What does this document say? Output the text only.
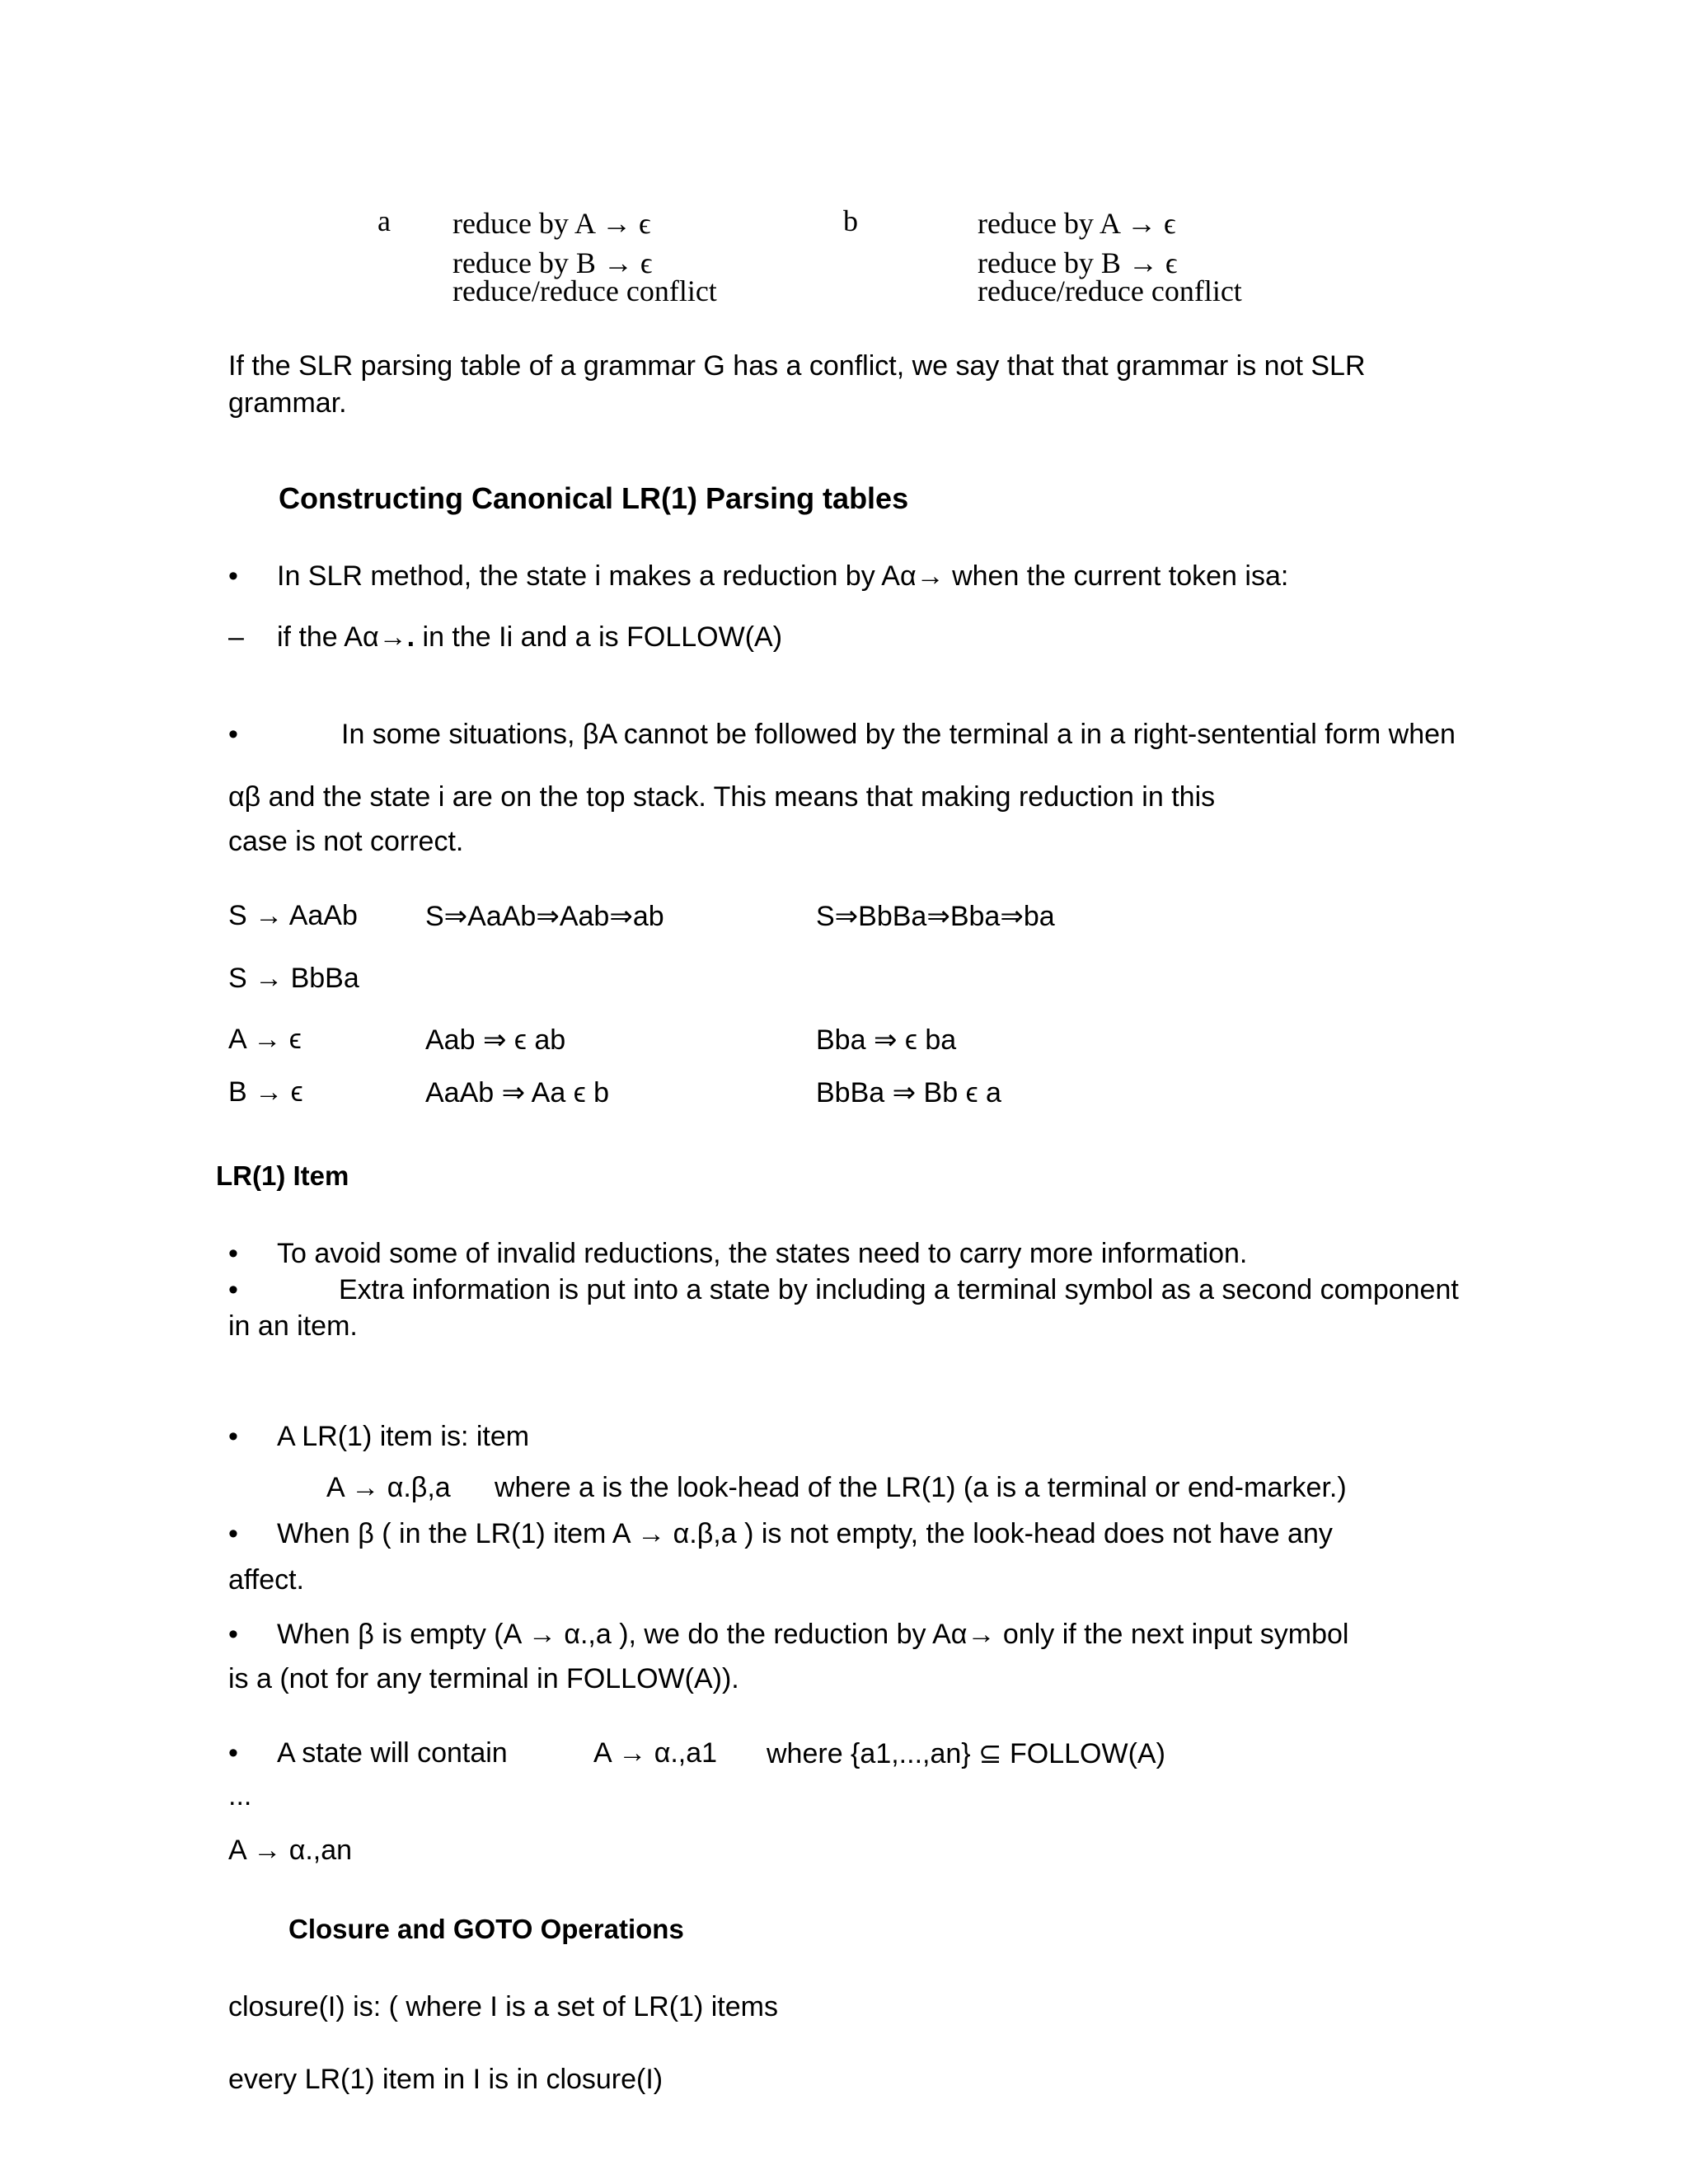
a reduce by A → ϵ
reduce by B → ϵ
reduce/reduce conflict
b	reduce by A → ϵ
reduce by B → ϵ
reduce/reduce conflict
If the SLR parsing table of a grammar G has a conflict, we say that that grammar is not SLR
grammar.
Constructing Canonical LR(1) Parsing tables
• In SLR method, the state i makes a reduction by Aα→ when the current token isa:
– if the Aα→. in the Ii and a is FOLLOW(A)
•	In some situations, βA cannot be followed by the terminal a in a right-sentential form when
αβ and the state i are on the top stack. This means that making reduction in this
case is not correct.
S → AaAb S⇒AaAb⇒Aab⇒ab	S⇒BbBa⇒Bba⇒ba
S → BbBa
A → ϵ	Aab ⇒ ϵ ab	Bba ⇒ ϵ ba
B → ϵ	AaAb ⇒ Aa ϵ b	BbBa ⇒ Bb ϵ a
LR(1) Item
• To avoid some of invalid reductions, the states need to carry more information.
•	Extra information is put into a state by including a terminal symbol as a second component
in an item.
• A LR(1) item is: item
A → α.β,a where a is the look-head of the LR(1) (a is a terminal or end-marker.)
• When β ( in the LR(1) item A → α.β,a ) is not empty, the look-head does not have any
affect.
• When β is empty (A → α.,a ), we do the reduction by Aα→ only if the next input symbol
is a (not for any terminal in FOLLOW(A)).
• A state will contain	A → α.,a1 where {a1,...,an} ⊆ FOLLOW(A)
...
A → α.,an
Closure and GOTO Operations
closure(I) is: ( where I is a set of LR(1) items
every LR(1) item in I is in closure(I)
